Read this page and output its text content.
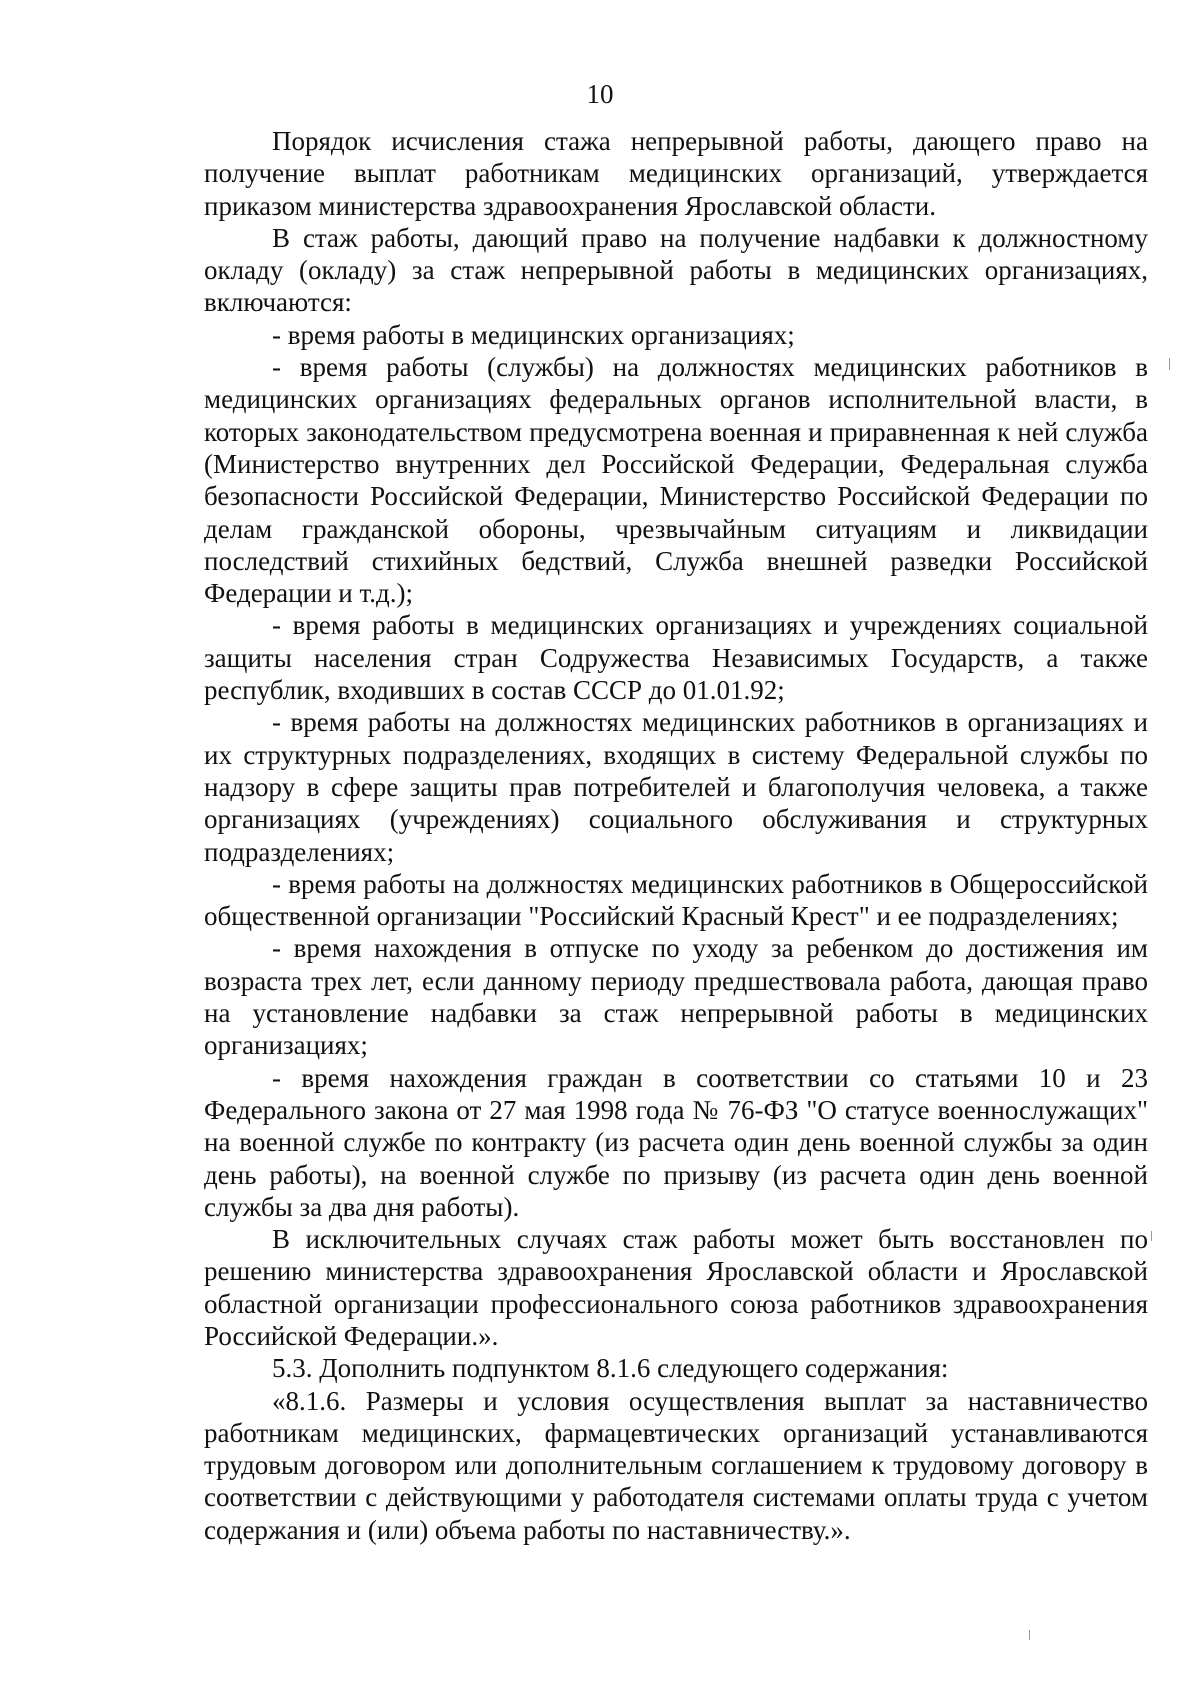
10

Порядок исчисления стажа непрерывной работы, дающего право на получение выплат работникам медицинских организаций, утверждается приказом министерства здравоохранения Ярославской области.

В стаж работы, дающий право на получение надбавки к должностному окладу (окладу) за стаж непрерывной работы в медицинских организациях, включаются:

- время работы в медицинских организациях;

- время работы (службы) на должностях медицинских работников в медицинских организациях федеральных органов исполнительной власти, в которых законодательством предусмотрена военная и приравненная к ней служба (Министерство внутренних дел Российской Федерации, Федеральная служба безопасности Российской Федерации, Министерство Российской Федерации по делам гражданской обороны, чрезвычайным ситуациям и ликвидации последствий стихийных бедствий, Служба внешней разведки Российской Федерации и т.д.);

- время работы в медицинских организациях и учреждениях социальной защиты населения стран Содружества Независимых Государств, а также республик, входивших в состав СССР до 01.01.92;

- время работы на должностях медицинских работников в организациях и их структурных подразделениях, входящих в систему Федеральной службы по надзору в сфере защиты прав потребителей и благополучия человека, а также организациях (учреждениях) социального обслуживания и структурных подразделениях;

- время работы на должностях медицинских работников в Общероссийской общественной организации "Российский Красный Крест" и ее подразделениях;

- время нахождения в отпуске по уходу за ребенком до достижения им возраста трех лет, если данному периоду предшествовала работа, дающая право на установление надбавки за стаж непрерывной работы в медицинских организациях;

- время нахождения граждан в соответствии со статьями 10 и 23 Федерального закона от 27 мая 1998 года № 76-ФЗ "О статусе военнослужащих" на военной службе по контракту (из расчета один день военной службы за один день работы), на военной службе по призыву (из расчета один день военной службы за два дня работы).

В исключительных случаях стаж работы может быть восстановлен по решению министерства здравоохранения Ярославской области и Ярославской областной организации профессионального союза работников здравоохранения Российской Федерации.».

5.3. Дополнить подпунктом 8.1.6 следующего содержания:

«8.1.6. Размеры и условия осуществления выплат за наставничество работникам медицинских, фармацевтических организаций устанавливаются трудовым договором или дополнительным соглашением к трудовому договору в соответствии с действующими у работодателя системами оплаты труда с учетом содержания и (или) объема работы по наставничеству.».
